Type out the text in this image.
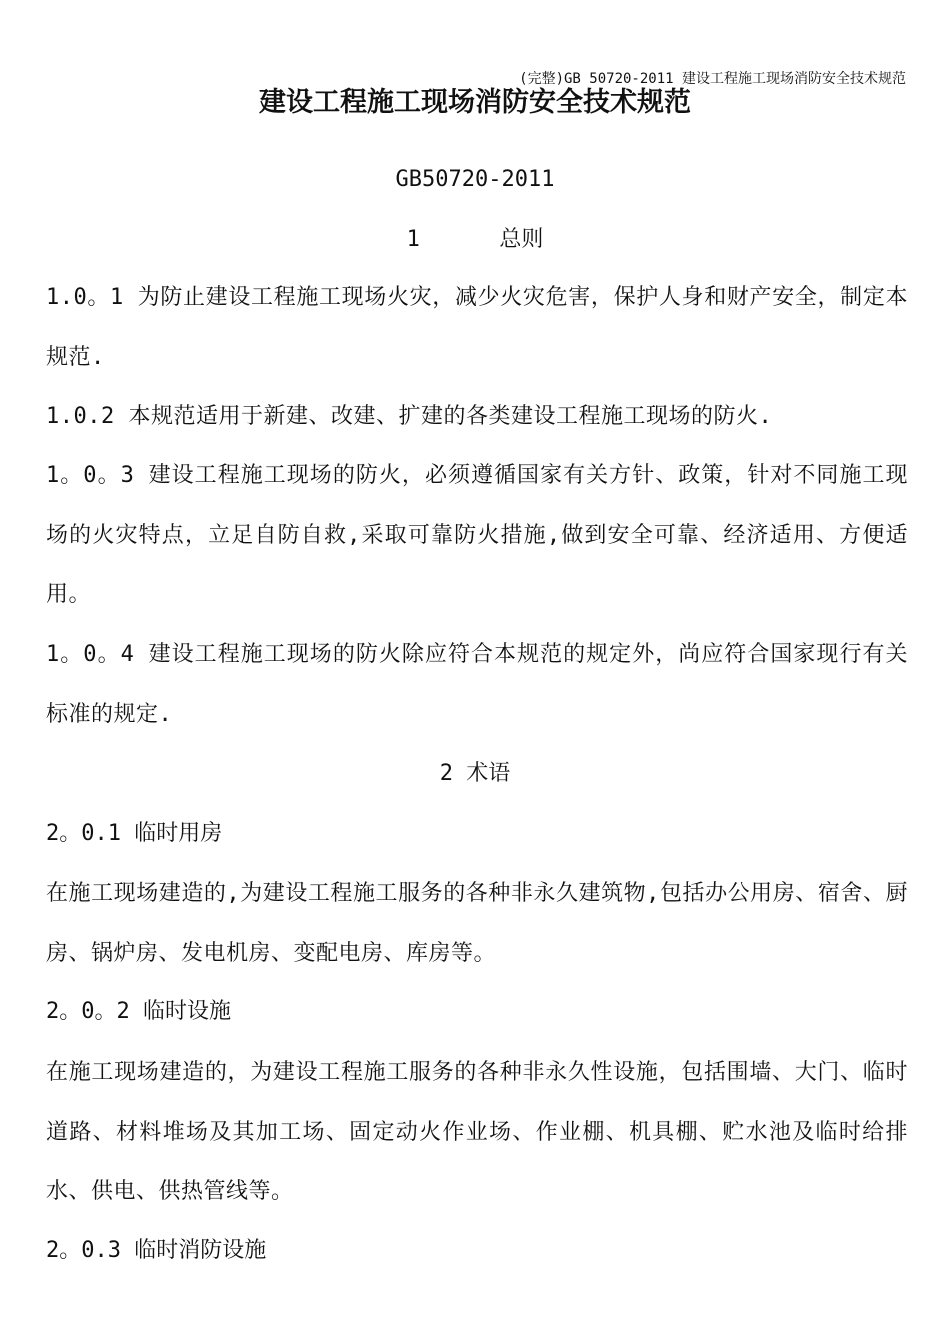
(完整)GB 50720-2011 建设工程施工现场消防安全技术规范
建设工程施工现场消防安全技术规范
GB50720-2011
1      总则
1.0。1 为防止建设工程施工现场火灾，减少火灾危害，保护人身和财产安全，制定本规范.
1.0.2 本规范适用于新建、改建、扩建的各类建设工程施工现场的防火.
1。0。3 建设工程施工现场的防火，必须遵循国家有关方针、政策，针对不同施工现场的火灾特点，立足自防自救,采取可靠防火措施,做到安全可靠、经济适用、方便适用。
1。0。4 建设工程施工现场的防火除应符合本规范的规定外，尚应符合国家现行有关标准的规定.
2 术语
2。0.1 临时用房
在施工现场建造的,为建设工程施工服务的各种非永久建筑物,包括办公用房、宿舍、厨房、锅炉房、发电机房、变配电房、库房等。
2。0。2 临时设施
在施工现场建造的，为建设工程施工服务的各种非永久性设施，包括围墙、大门、临时道路、材料堆场及其加工场、固定动火作业场、作业棚、机具棚、贮水池及临时给排水、供电、供热管线等。
2。0.3 临时消防设施
